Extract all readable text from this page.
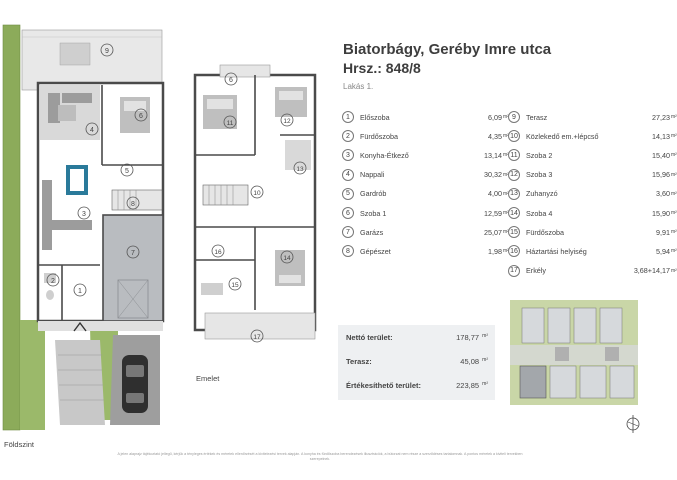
9
4
6
5
3
8
7
2
1
Földszint
6
11	12
13
10
16
14
15
17
Emelet
Biatorbágy, Geréby Imre utca
Hrsz.: 848/8
Lakás 1.
1	Előszoba	6,09 m²
2	Fürdőszoba	4,35 m²
3	Konyha-Étkező	13,14 m²
4	Nappali	30,32 m²
5	Gardrób	4,00 m²
6	Szoba 1	12,59 m²
7	Garázs	25,07 m²
8	Gépészet	1,98 m²
9	Terasz	27,23 m²
10 Közlekedő em.+lépcső	14,13 m²
11	Szoba 2	15,40 m²
12 Szoba 3	15,96 m²
13 Zuhanyzó	3,60 m²
14 Szoba 4	15,90 m²
15 Fürdőszoba	9,91 m²
16 Háztartási helyiség	5,94 m²
17 Erkély	3,68+14,17 m²
Nettó terület:	178,77 $^{m^2}$
Terasz:	45,08 $^{m^2}$
Értékesíthető terület:	223,85 $^{m^2}$
A jelen alaprajz tájékoztató jellegű, kérjük a tényleges értékek és méretek ellenőrzését a kivitelezési tervek alapján. A konyha és fürdőszoba berendezések illusztrációk, a bútorzat nem része a szerződéses tartalomnak. A pontos méretek a kiviteli tervekben szerepelnek.
